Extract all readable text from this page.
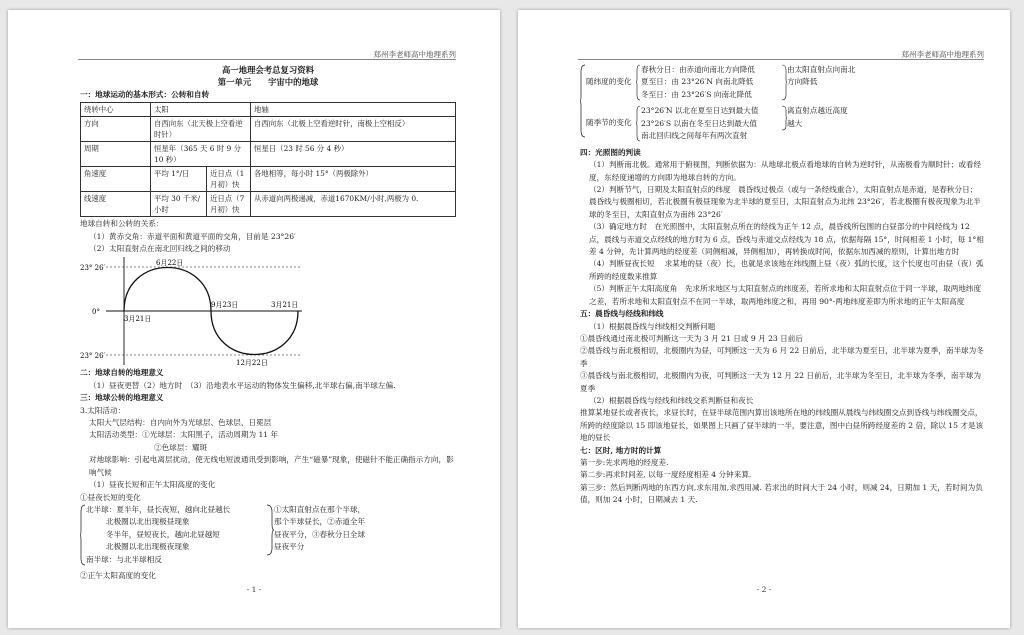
郑州李老师高中地理系列
高一地理会考总复习资料
第一单元　　宇宙中的地球
一：地球运动的基本形式：公转和自转
绕转中心	太阳		地轴
方向	自西向东（北天极上空看逆时针）		自西向东（北极上空看逆时针，南极上空相反）
周期	恒星年（365 天 6 时 9 分 10 秒）		恒星日（23 时 56 分 4 秒）
角速度	平均 1°/日	近日点（1 月初）快	各地相等，每小时 15°（两极除外）
线速度	平均 30 千米/小时	近日点（7 月初）快	从赤道向两极递减，赤道1670KM/小时,两极为 0.
地球自转和公转的关系：
（1）黄赤交角：赤道平面和黄道平面的交角，目前是 23°26′
（2）太阳直射点在南北回归线之间的移动
23° 26′
0°
23° 26′
6月22日
3月21日
9月23日	3月21日
12月22日
二：地球自转的地理意义
（1）昼夜更替（2）地方时　（3）沿地表水平运动的物体发生偏移,北半球右偏,南半球左偏.
三：地球公转的地理意义
3.太阳活动：
太阳大气层结构：自内向外为光球层、色球层、日冕层
太阳活动类型：①光球层：太阳黑子，活动周期为 11 年
②色球层：耀斑
对地球影响：引起电离层扰动，使无线电短波通讯受到影响，产生“磁暴”现象，使磁针不能正确指示方向，影响气候
（1）昼夜长短和正午太阳高度的变化
①昼夜长短的变化
北半球：夏半年，昼长夜短，越向北昼越长
北极圈以北出现极昼现象
冬半年，昼短夜长，越向北昼越短
北极圈以北出现极夜现象
南半球：与北半球相反
①太阳直射点在那个半球，
那个半球昼长，②赤道全年
昼夜平分，③春秋分日全球
昼夜平分
②正午太阳高度的变化
- 1 -
郑州李老师高中地理系列
随纬度的变化
春秋分日：由赤道向南北方向降低
夏至日：由 23°26′N 向南北降低
冬至日：由 23°26′S 向南北降低
由太阳直射点向南北
方向降低
随季节的变化
23°26′N 以北在夏至日达到最大值
23°26′S 以南在冬至日达到最大值
南北回归线之间每年有两次直射
离直射点越近高度
越大
四：光照图的判读
（1）判断南北极。通常用于俯视图，判断依据为：从地球北极点看地球的自转为逆时针，从南极看为顺时针；或看经度，东经度递增的方向即为地球自转的方向。
（2）判断节气，日期及太阳直射点的纬度　晨昏线过极点（或与一条经线重合），太阳直射点是赤道，是春秋分日；晨昏线与极圈相切，若北极圈有极昼现象为北半球的夏至日，太阳直射点为北纬 23°26′，若北极圈有极夜现象为北半球的冬至日，太阳直射点为南纬 23°26′
（3）确定地方时　在光照图中，太阳直射点所在的经线为正午 12 点，晨昏线所包围的白昼部分的中间经线为 12 点，晨线与赤道交点经线的地方时为 6 点，昏线与赤道交点经线为 18 点，依据每隔 15°，时间相差 1 小时，每 1°相差 4 分钟，先计算两地的经度差（同侧相减，异侧相加），再转换成时间，依据东加西减的原则，计算出地方时
（4）判断昼夜长短　 求某地的昼（夜）长，也就是求该地在纬线圈上昼（夜）弧的长度，这个长度也可由昼（夜）弧所跨的经度数来推算
（5）判断正午太阳高度角　先求所求地区与太阳直射点的纬度差，若所求地和太阳直射点位于同一半球，取两地纬度之差，若所求地和太阳直射点不在同一半球，取两地纬度之和，再用 90°-两地纬度差即为所求地的正午太阳高度
五：晨昏线与经线和纬线
（1）根据晨昏线与纬线相交判断问题
①晨昏线通过南北极可判断这一天为 3 月 21 日或 9 月 23 日前后
②晨昏线与南北极相切，北极圈内为昼，可判断这一天为 6 月 22 日前后，北半球为夏至日，北半球为夏季，南半球为冬季
③晨昏线与南北极相切，北极圈内为夜，可判断这一天为 12 月 22 日前后，北半球为冬至日，北半球为冬季，南半球为夏季
（2）根据晨昏线与经线和纬线交系判断昼和夜长
推算某地昼长或者夜长，求昼长时，在昼半球范围内算出该地所在地的纬线圈从晨线与纬线圈交点到昏线与纬线圈交点，所跨的经度除以 15 即该地昼长，如果图上只画了昼半球的一半，要注意，图中白昼所跨经度差的 2 倍，除以 15 才是该地的昼长
七：区时, 地方时的计算
第一步:先求两地的经度差.
第二步:再求时间差, 以每一度经度相差 4 分钟来算.
第三步：然后判断两地的东西方向,求东用加,求西用减. 若求出的时间大于 24 小时，则减 24，日期加 1 天，若时间为负值，则加 24 小时，日期减去 1 天.
- 2 -
